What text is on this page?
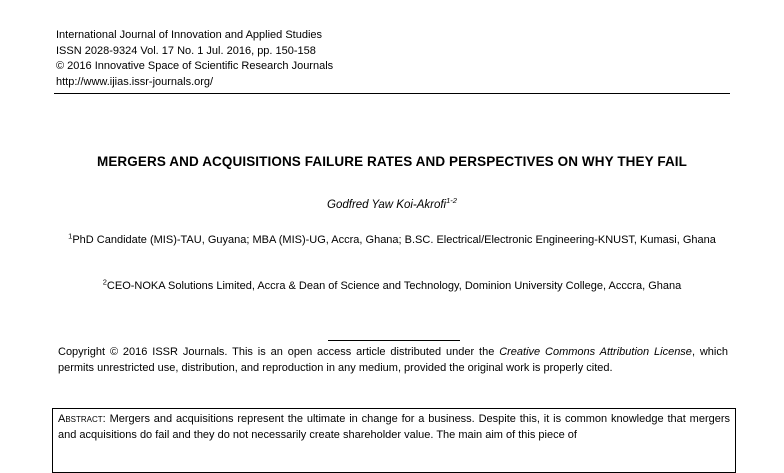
International Journal of Innovation and Applied Studies
ISSN 2028-9324 Vol. 17 No. 1 Jul. 2016, pp. 150-158
© 2016 Innovative Space of Scientific Research Journals
http://www.ijias.issr-journals.org/
MERGERS AND ACQUISITIONS FAILURE RATES AND PERSPECTIVES ON WHY THEY FAIL
Godfred Yaw Koi-Akrofi$^{1-2}$
$^1$PhD Candidate (MIS)-TAU, Guyana; MBA (MIS)-UG, Accra, Ghana; B.SC. Electrical/Electronic Engineering-KNUST, Kumasi, Ghana
$^2$CEO-NOKA Solutions Limited, Accra & Dean of Science and Technology, Dominion University College, Acccra, Ghana
Copyright © 2016 ISSR Journals. This is an open access article distributed under the Creative Commons Attribution License, which permits unrestricted use, distribution, and reproduction in any medium, provided the original work is properly cited.
Abstract: Mergers and acquisitions represent the ultimate in change for a business. Despite this, it is common knowledge that mergers and acquisitions do fail and they do not necessarily create shareholder value. The main aim of this piece of
